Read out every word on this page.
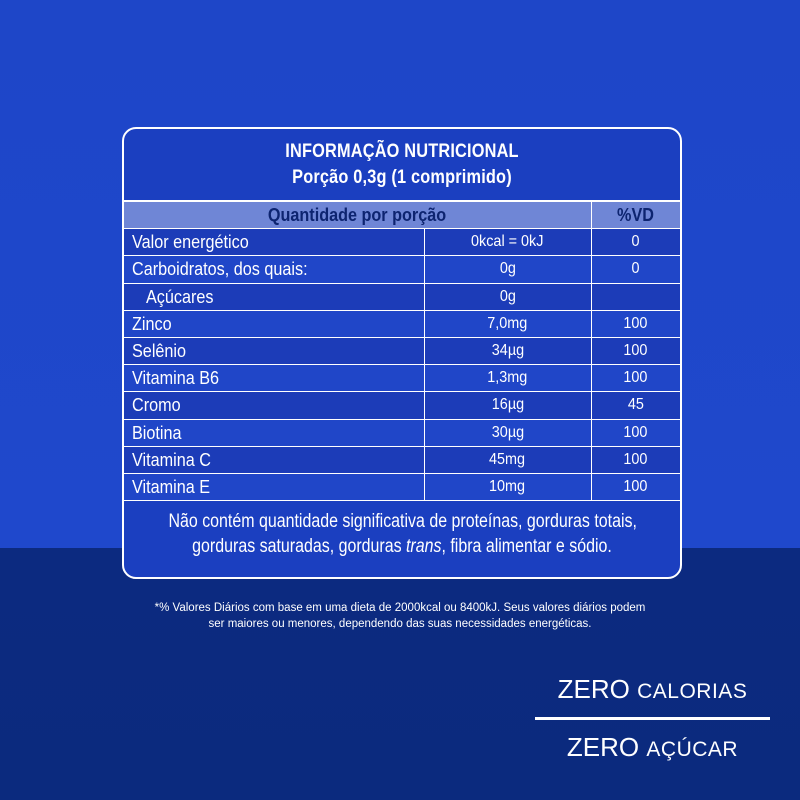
INFORMAÇÃO NUTRICIONAL
Porção 0,3g (1 comprimido)
Quantidade por porção		%VD
Valor energético	0kcal = 0kJ	0
Carboidratos, dos quais:	0g	0
Açúcares	0g	
Zinco	7,0mg	100
Selênio	34µg	100
Vitamina B6	1,3mg	100
Cromo	16µg	45
Biotina	30µg	100
Vitamina C	45mg	100
Vitamina E	10mg	100
Não contém quantidade significativa de proteínas, gorduras totais,
gorduras saturadas, gorduras trans, fibra alimentar e sódio.
*% Valores Diários com base em uma dieta de 2000kcal ou 8400kJ. Seus valores diários podem
ser maiores ou menores, dependendo das suas necessidades energéticas.
ZERO CALORIAS
ZERO AÇÚCAR
